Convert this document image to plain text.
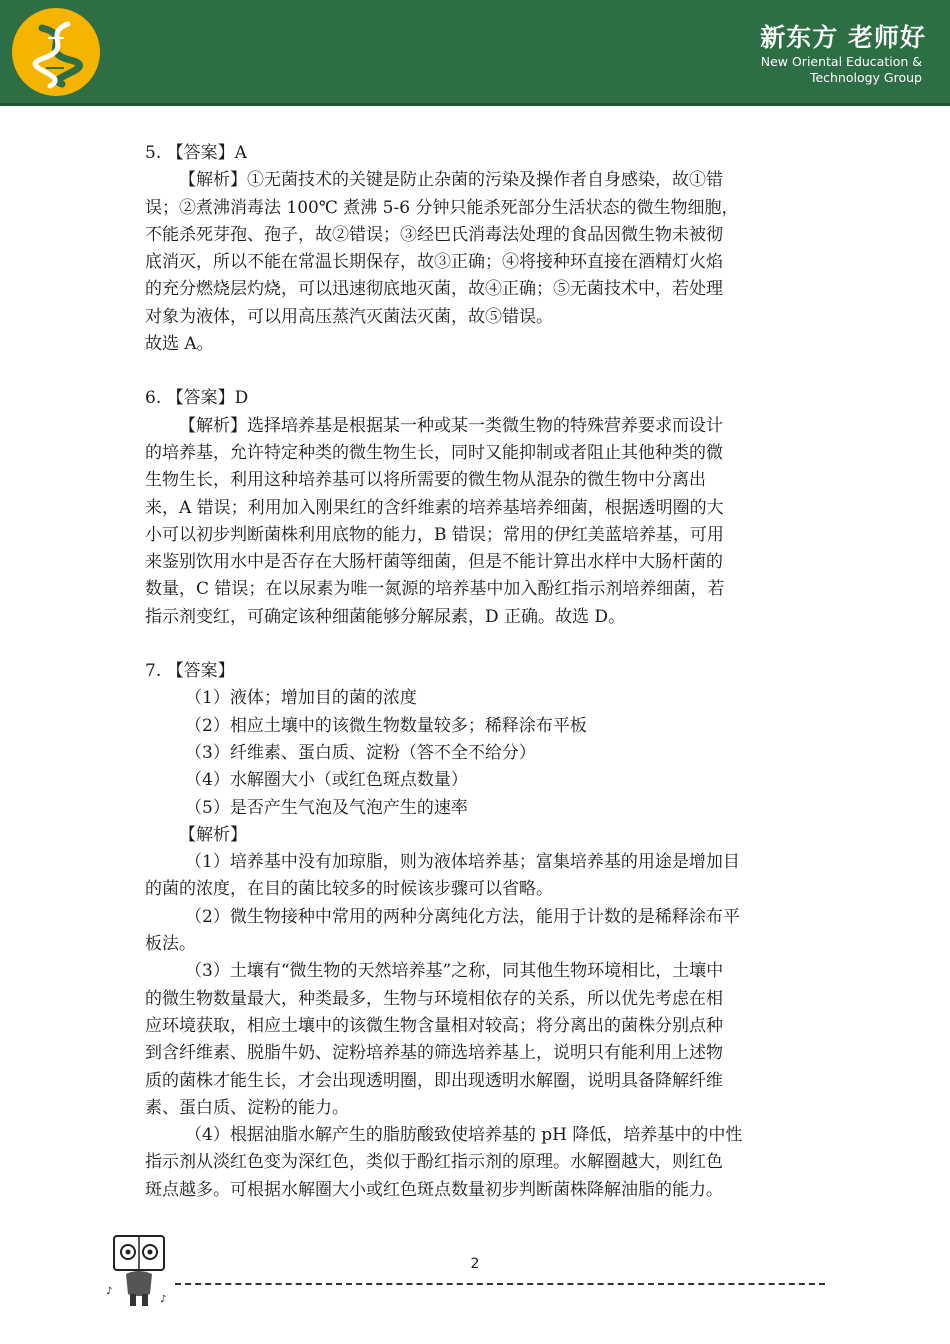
新东方 老师好
New Oriental Education &
Technology Group
5. 【答案】A
【解析】①无菌技术的关键是防止杂菌的污染及操作者自身感染，故①错
误；②煮沸消毒法 100℃ 煮沸 5-6 分钟只能杀死部分生活状态的微生物细胞，
不能杀死芽孢、孢子，故②错误；③经巴氏消毒法处理的食品因微生物未被彻
底消灭，所以不能在常温长期保存，故③正确；④将接种环直接在酒精灯火焰
的充分燃烧层灼烧，可以迅速彻底地灭菌，故④正确；⑤无菌技术中，若处理
对象为液体，可以用高压蒸汽灭菌法灭菌，故⑤错误。
故选 A。
6. 【答案】D
【解析】选择培养基是根据某一种或某一类微生物的特殊营养要求而设计
的培养基，允许特定种类的微生物生长，同时又能抑制或者阻止其他种类的微
生物生长，利用这种培养基可以将所需要的微生物从混杂的微生物中分离出
来，A 错误；利用加入刚果红的含纤维素的培养基培养细菌，根据透明圈的大
小可以初步判断菌株利用底物的能力，B 错误；常用的伊红美蓝培养基，可用
来鉴别饮用水中是否存在大肠杆菌等细菌，但是不能计算出水样中大肠杆菌的
数量，C 错误；在以尿素为唯一氮源的培养基中加入酚红指示剂培养细菌，若
指示剂变红，可确定该种细菌能够分解尿素，D 正确。故选 D。
7. 【答案】
（1）液体；增加目的菌的浓度
（2）相应土壤中的该微生物数量较多；稀释涂布平板
（3）纤维素、蛋白质、淀粉（答不全不给分）
（4）水解圈大小（或红色斑点数量）
（5）是否产生气泡及气泡产生的速率
【解析】
（1）培养基中没有加琼脂，则为液体培养基；富集培养基的用途是增加目
的菌的浓度，在目的菌比较多的时候该步骤可以省略。
（2）微生物接种中常用的两种分离纯化方法，能用于计数的是稀释涂布平
板法。
（3）土壤有“微生物的天然培养基”之称，同其他生物环境相比，土壤中
的微生物数量最大，种类最多，生物与环境相依存的关系，所以优先考虑在相
应环境获取，相应土壤中的该微生物含量相对较高；将分离出的菌株分别点种
到含纤维素、脱脂牛奶、淀粉培养基的筛选培养基上，说明只有能利用上述物
质的菌株才能生长，才会出现透明圈，即出现透明水解圈，说明具备降解纤维
素、蛋白质、淀粉的能力。
（4）根据油脂水解产生的脂肪酸致使培养基的 pH 降低，培养基中的中性
指示剂从淡红色变为深红色，类似于酚红指示剂的原理。水解圈越大，则红色
斑点越多。可根据水解圈大小或红色斑点数量初步判断菌株降解油脂的能力。
♪
♪
2
